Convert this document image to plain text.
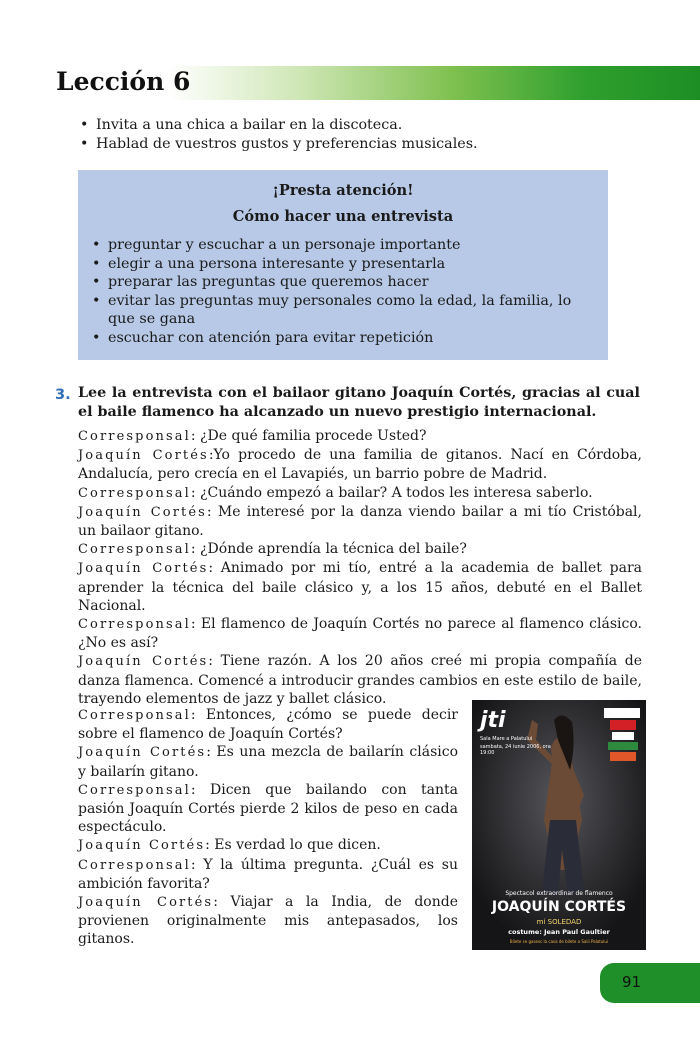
Lección 6
• Invita a una chica a bailar en la discoteca.
• Hablad de vuestros gustos y preferencias musicales.
¡Presta atención!
Cómo hacer una entrevista
• preguntar y escuchar a un personaje importante
• elegir a una persona interesante y presentarla
• preparar las preguntas que queremos hacer
• evitar las preguntas muy personales como la edad, la familia, lo que se gana
• escuchar con atención para evitar repetición
3. Lee la entrevista con el bailaor gitano Joaquín Cortés, gracias al cual el baile flamenco ha alcanzado un nuevo prestigio internacional.

Corresponsal: ¿De qué familia procede Usted?

Joaquín Cortés:Yo procedo de una familia de gitanos. Nací en Córdoba, Andalucía, pero crecía en el Lavapiés, un barrio pobre de Madrid.

Corresponsal: ¿Cuándo empezó a bailar? A todos les interesa saberlo.

Joaquín Cortés: Me interesé por la danza viendo bailar a mi tío Cristóbal, un bailaor gitano.

Corresponsal: ¿Dónde aprendía la técnica del baile?

Joaquín Cortés: Animado por mi tío, entré a la academia de ballet para aprender la técnica del baile clásico y, a los 15 años, debuté en el Ballet Nacional.

Corresponsal: El flamenco de Joaquín Cortés no parece al flamenco clásico. ¿No es así?

Joaquín Cortés: Tiene razón. A los 20 años creé mi propia compañía de danza flamenca. Comencé a introducir grandes cambios en este estilo de baile, trayendo elementos de jazz y ballet clásico.

Corresponsal: Entonces, ¿cómo se puede decir sobre el flamenco de Joaquín Cortés?

Joaquín Cortés: Es una mezcla de bailarín clásico y bailarín gitano.

Corresponsal: Dicen que bailando con tanta pasión Joaquín Cortés pierde 2 kilos de peso en cada espectáculo.

Joaquín Cortés: Es verdad lo que dicen.

Corresponsal: Y la última pregunta. ¿Cuál es su ambición favorita?

Joaquín Cortés: Viajar a la India, de donde provienen originalmente mis antepasados, los gitanos.

jti
Sala Mare a Palatului
sambata, 24 iunie 2006, ora 19:00
Spectacol extraordinar de flamenco
JOAQUÍN CORTÉS
mi SOLEDAD
costume: Jean Paul Gaultier
Bilete se gasesc la casa de bilete a Salii Palatului
91
